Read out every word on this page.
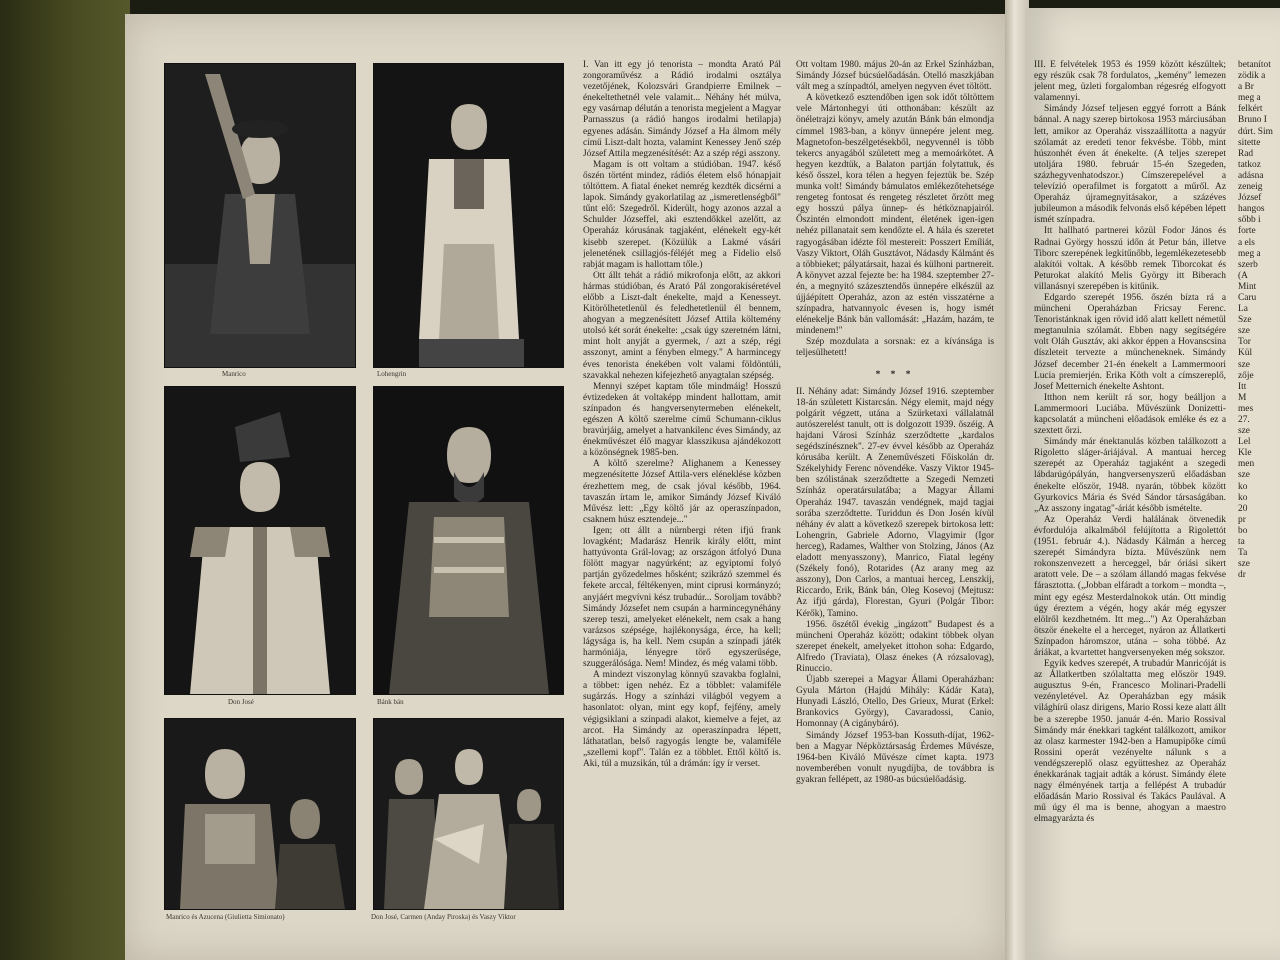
Manrico	Lohengrin
Don José	Bánk bán
Manrico és Azucena (Giulietta Simionato)	Don José, Carmen (Anday Piroska) és Vaszy Viktor

I. Van itt egy jó tenorista – mondta Arató Pál zongoraművész a Rádió irodalmi osztálya vezetőjének, Kolozsvári Grandpierre Emilnek – énekeltethetnél vele valamit... Néhány hét múlva, egy vasárnap délután a tenorista megjelent a Magyar Parnasszus (a rádió hangos irodalmi hetilapja) egyenes adásán. Simándy József a Ha álmom mély című Liszt-dalt hozta, valamint Kenessey Jenő szép József Attila megzenésítését: Az a szép régi asszony.

Magam is ott voltam a stúdióban. 1947. késő őszén történt mindez, rádiós életem első hónapjait töltöttem. A fiatal éneket nemrég kezdték dicsérni a lapok. Simándy gyakorlatilag az „ismeretlenségből" tűnt elő: Szegedről. Kiderült, hogy azonos azzal a Schulder Józseffel, aki esztendőkkel azelőtt, az Operaház kórusának tagjaként, elénekelt egy-két kisebb szerepet. (Közülük a Lakmé vásári jelenetének csillagjós-féléjét meg a Fidelio első rabját magam is hallottam tőle.)

Ott állt tehát a rádió mikrofonja előtt, az akkori hármas stúdióban, és Arató Pál zongorakíséretével előbb a Liszt-dalt énekelte, majd a Kenesseyt. Kitörölhetetlenül és feledhetetlenül él bennem, ahogyan a megzenésített József Attila költemény utolsó két sorát énekelte: „csak úgy szeretném látni, mint holt anyját a gyermek, / azt a szép, régi asszonyt, amint a fényben elmegy." A harmincegy éves tenorista énekében volt valami földöntúli, szavakkal nehezen kifejezhető anyagtalan szépség.

Mennyi szépet kaptam tőle mindmáig! Hosszú évtizedeken át voltaképp mindent hallottam, amit színpadon és hangversenytermeben elénekelt, egészen A költő szerelme című Schumann-ciklus bravúrjáig, amelyet a hatvankilenc éves Simándy, az énekművészet élő magyar klasszikusa ajándékozott a közönségnek 1985-ben.

A költő szerelme? Alighanem a Kenessey megzenésítette József Attila-vers eléneklése közben érezhettem meg, de csak jóval később, 1964. tavaszán írtam le, amikor Simándy József Kiváló Művész lett: „Egy költő jár az operaszínpadon, csaknem húsz esztendeje..."

Igen; ott állt a nürnbergi réten ifjú frank lovagként; Madarász Henrik király előtt, mint hattyúvonta Grál-lovag; az országon átfolyó Duna fölött magyar nagyúrként; az egyiptomi folyó partján győzedelmes hősként; szikrázó szemmel és fekete arccal, féltékenyen, mint ciprusi kormányzó; anyjáért megvívni kész trubadúr... Soroljam tovább? Simándy Józsefet nem csupán a harmincegynéhány szerep teszi, amelyeket elénekelt, nem csak a hang varázsos szépsége, hajlékonysága, érce, ha kell; lágysága is, ha kell. Nem csupán a színpadi játék harmóniája, lényegre törő egyszerűsége, szuggerálósága. Nem! Mindez, és még valami több.

A mindezt viszonylag könnyű szavakba foglalni, a többet: igen nehéz. Ez a többlet: valamiféle sugárzás. Hogy a színházi világból vegyem a hasonlatot: olyan, mint egy kopf, fejfény, amely végigsiklani a színpadi alakot, kiemelve a fejet, az arcot. Ha Simándy az operaszínpadra lépett, láthatatlan, belső ragyogás lengte be, valamiféle „szellemi kopf". Talán ez a többlet. Ettől költő is. Aki, túl a muzsikán, túl a drámán: így ír verset.

Ott voltam 1980. május 20-án az Erkel Színházban, Simándy József búcsúelőadásán. Otelló maszkjában vált meg a színpadtól, amelyen negyven évet töltött.

A következő esztendőben igen sok időt töltöttem vele Mártonhegyi úti otthonában: készült az önéletrajzi könyv, amely azután Bánk bán elmondja címmel 1983-ban, a könyv ünnepére jelent meg. Magnetofon-beszélgetésekből, negyvennél is több tekercs anyagából született meg a memoárkötet. A hegyen kezdtük, a Balaton partján folytattuk, és késő ősszel, kora télen a hegyen fejeztük be. Szép munka volt! Simándy bámulatos emlékezőtehetsége rengeteg fontosat és rengeteg részletet őrzött meg egy hosszú pálya ünnep- és hétköznapjairól. Őszintén elmondott mindent, életének igen-igen nehéz pillanatait sem kendőzte el. A hála és szeretet ragyogásában idézte föl mestereit: Posszert Emíliát, Vaszy Viktort, Oláh Gusztávot, Nádasdy Kálmánt és a többieket; pályatársait, hazai és külhoni partnereit. A könyvet azzal fejezte be: ha 1984. szeptember 27-én, a megnyitó százesztendős ünnepére elkészül az újjáépített Operaház, azon az estén visszatérne a színpadra, hatvannyolc évesen is, hogy ismét elénekelje Bánk bán vallomását: „Hazám, hazám, te mindenem!"

Szép mozdulata a sorsnak: ez a kívánsága is teljesülhetett!

* * *

II. Néhány adat: Simándy József 1916. szeptember 18-án született Kistarcsán. Négy elemit, majd négy polgárit végzett, utána a Szürketaxi vállalatnál autószerelést tanult, ott is dolgozott 1939. őszéig. A hajdani Városi Színház szerződtette „kardalos segédszínésznek". 27-ev évvel később az Operaház kórusába került. A Zeneművészeti Főiskolán dr. Székelyhidy Ferenc növendéke. Vaszy Viktor 1945-ben szólistának szerződtette a Szegedi Nemzeti Színház operatársulatába; a Magyar Állami Operaház 1947. tavaszán vendégnek, majd tagjai sorába szerződtette. Turiddun és Don Josén kívül néhány év alatt a következő szerepek birtokosa lett: Lohengrin, Gabriele Adorno, Vlagyimir (Igor herceg), Radames, Walther von Stolzing, János (Az eladott menyasszony), Manrico, Fiatal legény (Székely fonó), Rotarides (Az arany meg az asszony), Don Carlos, a mantuai herceg, Lenszkij, Riccardo, Erik, Bánk bán, Oleg Kosevoj (Mejtusz: Az ifjú gárda), Florestan, Gyuri (Polgár Tibor: Kérők), Tamino.

1956. őszétől évekig „ingázott" Budapest és a müncheni Operaház között; odakint többek olyan szerepet énekelt, amelyeket ittohon soha: Edgardo, Alfredo (Traviata), Olasz énekes (A rózsalovag), Rinuccio.

Újabb szerepei a Magyar Állami Operaházban: Gyula Márton (Hajdú Mihály: Kádár Kata), Hunyadi László, Otello, Des Grieux, Murat (Erkel: Brankovics György), Cavaradossi, Canio, Homonnay (A cigánybáró).

Simándy József 1953-ban Kossuth-díjat, 1962-ben a Magyar Népköztársaság Érdemes Művésze, 1964-ben Kiváló Művésze címet kapta. 1973 novemberében vonult nyugdíjba, de továbbra is gyakran fellépett, az 1980-as búcsúelőadásig.

III. E felvételek 1953 és 1959 között készültek; egy részük csak 78 fordulatos, „kemény" lemezen jelent meg, üzleti forgalomban régesrég elfogyott valamennyi.

Simándy József teljesen eggyé forrott a Bánk bánnal. A nagy szerep birtokosa 1953 márciusában lett, amikor az Operaház visszaállította a nagyúr szólamát az eredeti tenor fekvésbe. Több, mint húszonhét éven át énekelte. (A teljes szerepet utoljára 1980. február 15-én Szegeden, százhegyvenhatodszor.) Címszerepelével a televízió operafilmet is forgatott a műről. Az Operaház újramegnyitásakor, a százéves jubileumon a második felvonás első képében lépett ismét színpadra.

Itt hallható partnerei közül Fodor János és Radnai György hosszú időn át Petur bán, illetve Tiborc szerepének legkitűnőbb, legemlékezetesebb alakítói voltak. A később remek Tiborcokat és Peturokat alakító Melis György itt Biberach villanásnyi szerepében is kitűnik.

Edgardo szerepét 1956. őszén bízta rá a müncheni Operaházban Fricsay Ferenc. Tenoristánknak igen rövid idő alatt kellett németül megtanulnia szólamát. Ebben nagy segítségére volt Oláh Gusztáv, aki akkor éppen a Hovanscsina díszleteit tervezte a müncheneknek. Simándy József december 21-én énekelt a Lammermoori Lucia premierjén. Erika Köth volt a címszereplő, Josef Metternich énekelte Ashtont.

Itthon nem került rá sor, hogy beálljon a Lammermoori Luciába. Művészünk Donizetti-kapcsolatát a müncheni előadások emléke és ez a szextett őrzi.

Simándy már énektanulás közben találkozott a Rigoletto sláger-áriájával. A mantuai herceg szerepét az Operaház tagjaként a szegedi lábdarúgópályán, hangversenyszerű előadásban énekelte először, 1948. nyarán, többek között Gyurkovics Mária és Svéd Sándor társaságában. „Az asszony ingatag"-áriát később ismételte.

Az Operaház Verdi halálának ötvenedik évfordulója alkalmából felújította a Rigolettót (1951. február 4.). Nádasdy Kálmán a herceg szerepét Simándyra bízta. Művészünk nem rokonszenvezett a herceggel, bár óriási sikert aratott vele. De – a szólam állandó magas fekvése fárasztotta. („Jobban elfáradt a torkom – mondta –, mint egy egész Mesterdalnokok után. Ott mindig úgy éreztem a végén, hogy akár még egyszer elölről kezdhetném. Itt meg...") Az Operaházban ötször énekelte el a herceget, nyáron az Állatkerti Színpadon háromszor, utána – soha többé. Az áriákat, a kvartettet hangversenyeken még sokszor.

Egyik kedves szerepét, A trubadúr Manricóját is az Állatkertben szólaltatta meg először 1949. augusztus 9-én, Francesco Molinari-Pradelli vezényletével. Az Operaházban egy másik világhírű olasz dirigens, Mario Rossi keze alatt állt be a szerepbe 1950. január 4-én. Mario Rossival Simándy már énekkari tagként találkozott, amikor az olasz karmester 1942-ben a Hamupipőke című Rossini operát vezényelte nálunk s a vendégszereplő olasz együtteshez az Operaház énekkarának tagjait adták a kórust. Simándy élete nagy élményének tartja a fellépést A trubadúr előadásán Mario Rossival és Takács Paulával. A mű úgy él ma is benne, ahogyan a maestro elmagyarázta és

betanítot
zödik a
a Br
meg a
felkért
Bruno I
dúrt. Sim
sitette
Rad
tatkoz
adásna
zeneig
József
hangos
sőbb i
forte
a els
meg a
szerb
(A
Mint
Caru
La
Sze
sze
Tor
Kül
sze
zője
Itt
M
mes
27.
sze
Lel
Kle
men
sze
ko
ko
20
pr
bo
ta
Ta
sze
dr
